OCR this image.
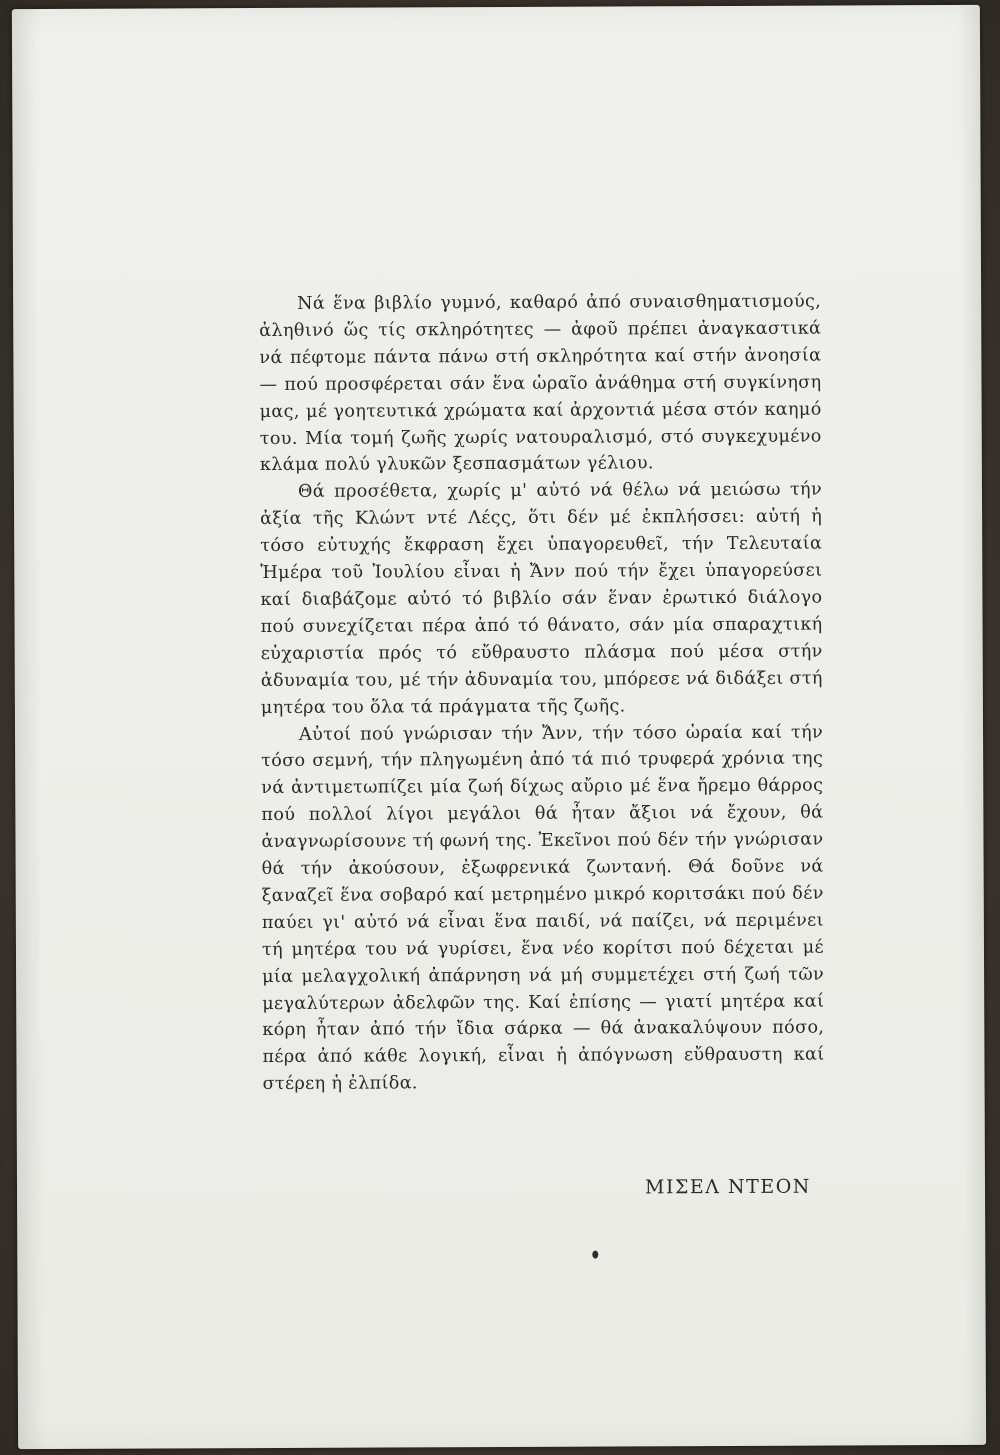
Νά ἕνα βιβλίο γυμνό, καθαρό ἀπό συναισθηματισμούς, ἀληθινό ὥς τίς σκληρότητες — ἀφοῦ πρέπει ἀναγκαστικά νά πέφτομε πάντα πάνω στή σκληρότητα καί στήν ἀνοησία — πού προσφέρεται σάν ἕνα ὡραῖο ἀνάθημα στή συγκίνηση μας, μέ γοητευτικά χρώματα καί ἀρχοντιά μέσα στόν καημό του. Μία τομή ζωῆς χωρίς νατουραλισμό, στό συγκεχυμένο κλάμα πολύ γλυκῶν ξεσπασμάτων γέλιου.

Θά προσέθετα, χωρίς μ' αὐτό νά θέλω νά μειώσω τήν ἀξία τῆς Κλώντ ντέ Λέςς, ὅτι δέν μέ ἐκπλήσσει: αὐτή ἡ τόσο εὐτυχής ἔκφραση ἔχει ὑπαγορευθεῖ, τήν Τελευταία Ἡμέρα τοῦ Ἰουλίου εἶναι ἡ Ἄνν πού τήν ἔχει ὑπαγορεύσει καί διαβάζομε αὐτό τό βιβλίο σάν ἕναν ἐρωτικό διάλογο πού συνεχίζεται πέρα ἀπό τό θάνατο, σάν μία σπαραχτική εὐχαριστία πρός τό εὔθραυστο πλάσμα πού μέσα στήν ἀδυναμία του, μέ τήν ἀδυναμία του, μπόρεσε νά διδάξει στή μητέρα του ὅλα τά πράγματα τῆς ζωῆς.

Αὐτοί πού γνώρισαν τήν Ἄνν, τήν τόσο ὡραία καί τήν τόσο σεμνή, τήν πληγωμένη ἀπό τά πιό τρυφερά χρόνια της νά ἀντιμετωπίζει μία ζωή δίχως αὔριο μέ ἕνα ἤρεμο θάρρος πού πολλοί λίγοι μεγάλοι θά ἦταν ἄξιοι νά ἔχουν, θά ἀναγνωρίσουνε τή φωνή της. Ἐκεῖνοι πού δέν τήν γνώρισαν θά τήν ἀκούσουν, ἐξωφρενικά ζωντανή. Θά δοῦνε νά ξαναζεῖ ἕνα σοβαρό καί μετρημένο μικρό κοριτσάκι πού δέν παύει γι' αὐτό νά εἶναι ἕνα παιδί, νά παίζει, νά περιμένει τή μητέρα του νά γυρίσει, ἕνα νέο κορίτσι πού δέχεται μέ μία μελαγχολική ἀπάρνηση νά μή συμμετέχει στή ζωή τῶν μεγαλύτερων ἀδελφῶν της. Καί ἐπίσης — γιατί μητέρα καί κόρη ἦταν ἀπό τήν ἴδια σάρκα — θά ἀνακαλύψουν πόσο, πέρα ἀπό κάθε λογική, εἶναι ἡ ἀπόγνωση εὔθραυστη καί στέρεη ἡ ἐλπίδα.

ΜΙΣΕΛ ΝΤΕΟΝ
